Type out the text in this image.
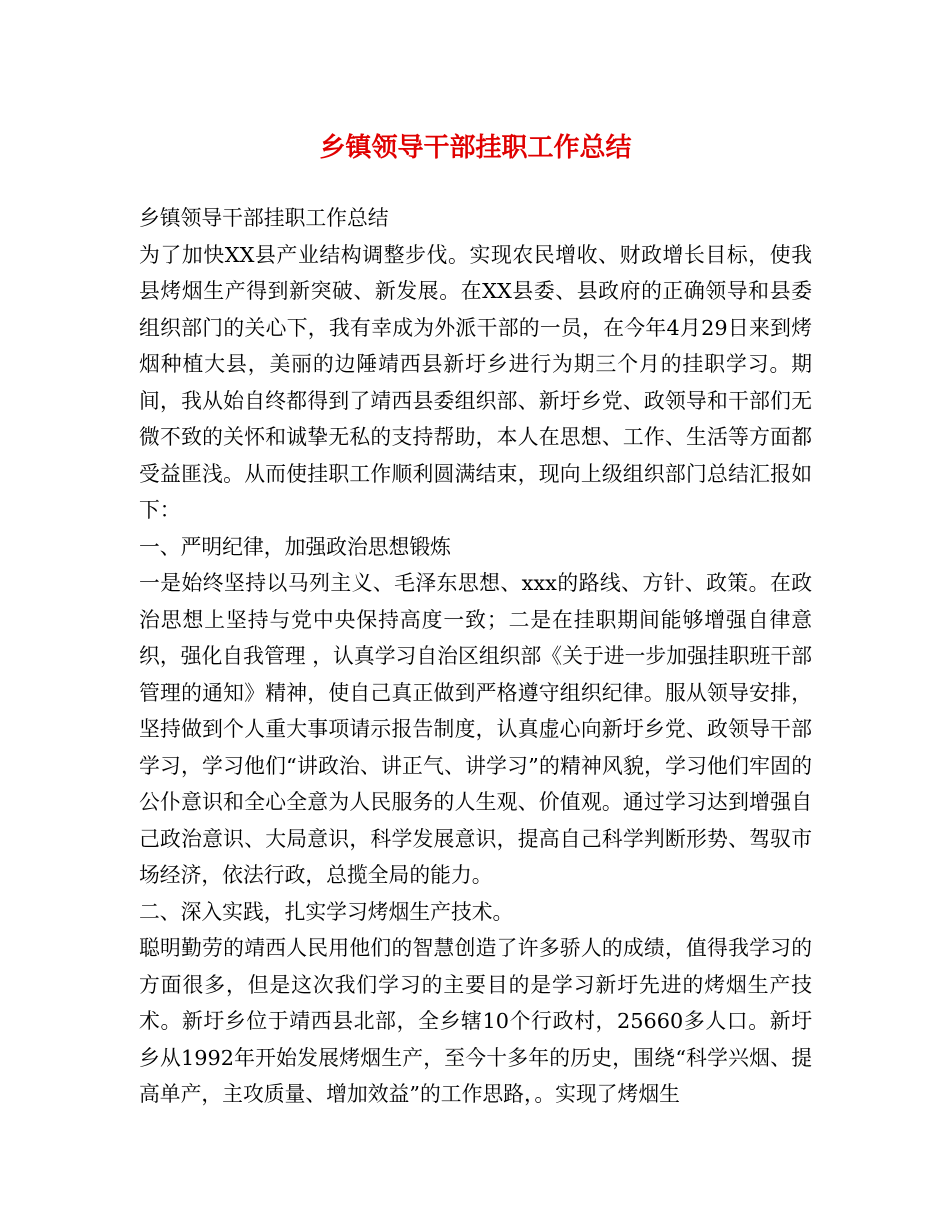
乡镇领导干部挂职工作总结

乡镇领导干部挂职工作总结

为了加快XX县产业结构调整步伐。实现农民增收、财政增长目标，使我县烤烟生产得到新突破、新发展。在XX县委、县政府的正确领导和县委组织部门的关心下，我有幸成为外派干部的一员，在今年4月29日来到烤烟种植大县，美丽的边陲靖西县新圩乡进行为期三个月的挂职学习。期间，我从始自终都得到了靖西县委组织部、新圩乡党、政领导和干部们无微不致的关怀和诚挚无私的支持帮助，本人在思想、工作、生活等方面都受益匪浅。从而使挂职工作顺利圆满结束，现向上级组织部门总结汇报如下：

一、严明纪律，加强政治思想锻炼

一是始终坚持以马列主义、毛泽东思想、xxx的路线、方针、政策。在政治思想上坚持与党中央保持高度一致；二是在挂职期间能够增强自律意织，强化自我管理 ，认真学习自治区组织部《关于进一步加强挂职班干部管理的通知》精神，使自己真正做到严格遵守组织纪律。服从领导安排，坚持做到个人重大事项请示报告制度，认真虚心向新圩乡党、政领导干部学习，学习他们“讲政治、讲正气、讲学习”的精神风貌，学习他们牢固的公仆意识和全心全意为人民服务的人生观、价值观。通过学习达到增强自己政治意识、大局意识，科学发展意识，提高自己科学判断形势、驾驭市场经济，依法行政，总揽全局的能力。

二、深入实践，扎实学习烤烟生产技术。

聪明勤劳的靖西人民用他们的智慧创造了许多骄人的成绩，值得我学习的方面很多，但是这次我们学习的主要目的是学习新圩先进的烤烟生产技术。新圩乡位于靖西县北部，全乡辖10个行政村，25660多人口。新圩乡从1992年开始发展烤烟生产，至今十多年的历史，围绕“科学兴烟、提高单产，主攻质量、增加效益”的工作思路，。实现了烤烟生
